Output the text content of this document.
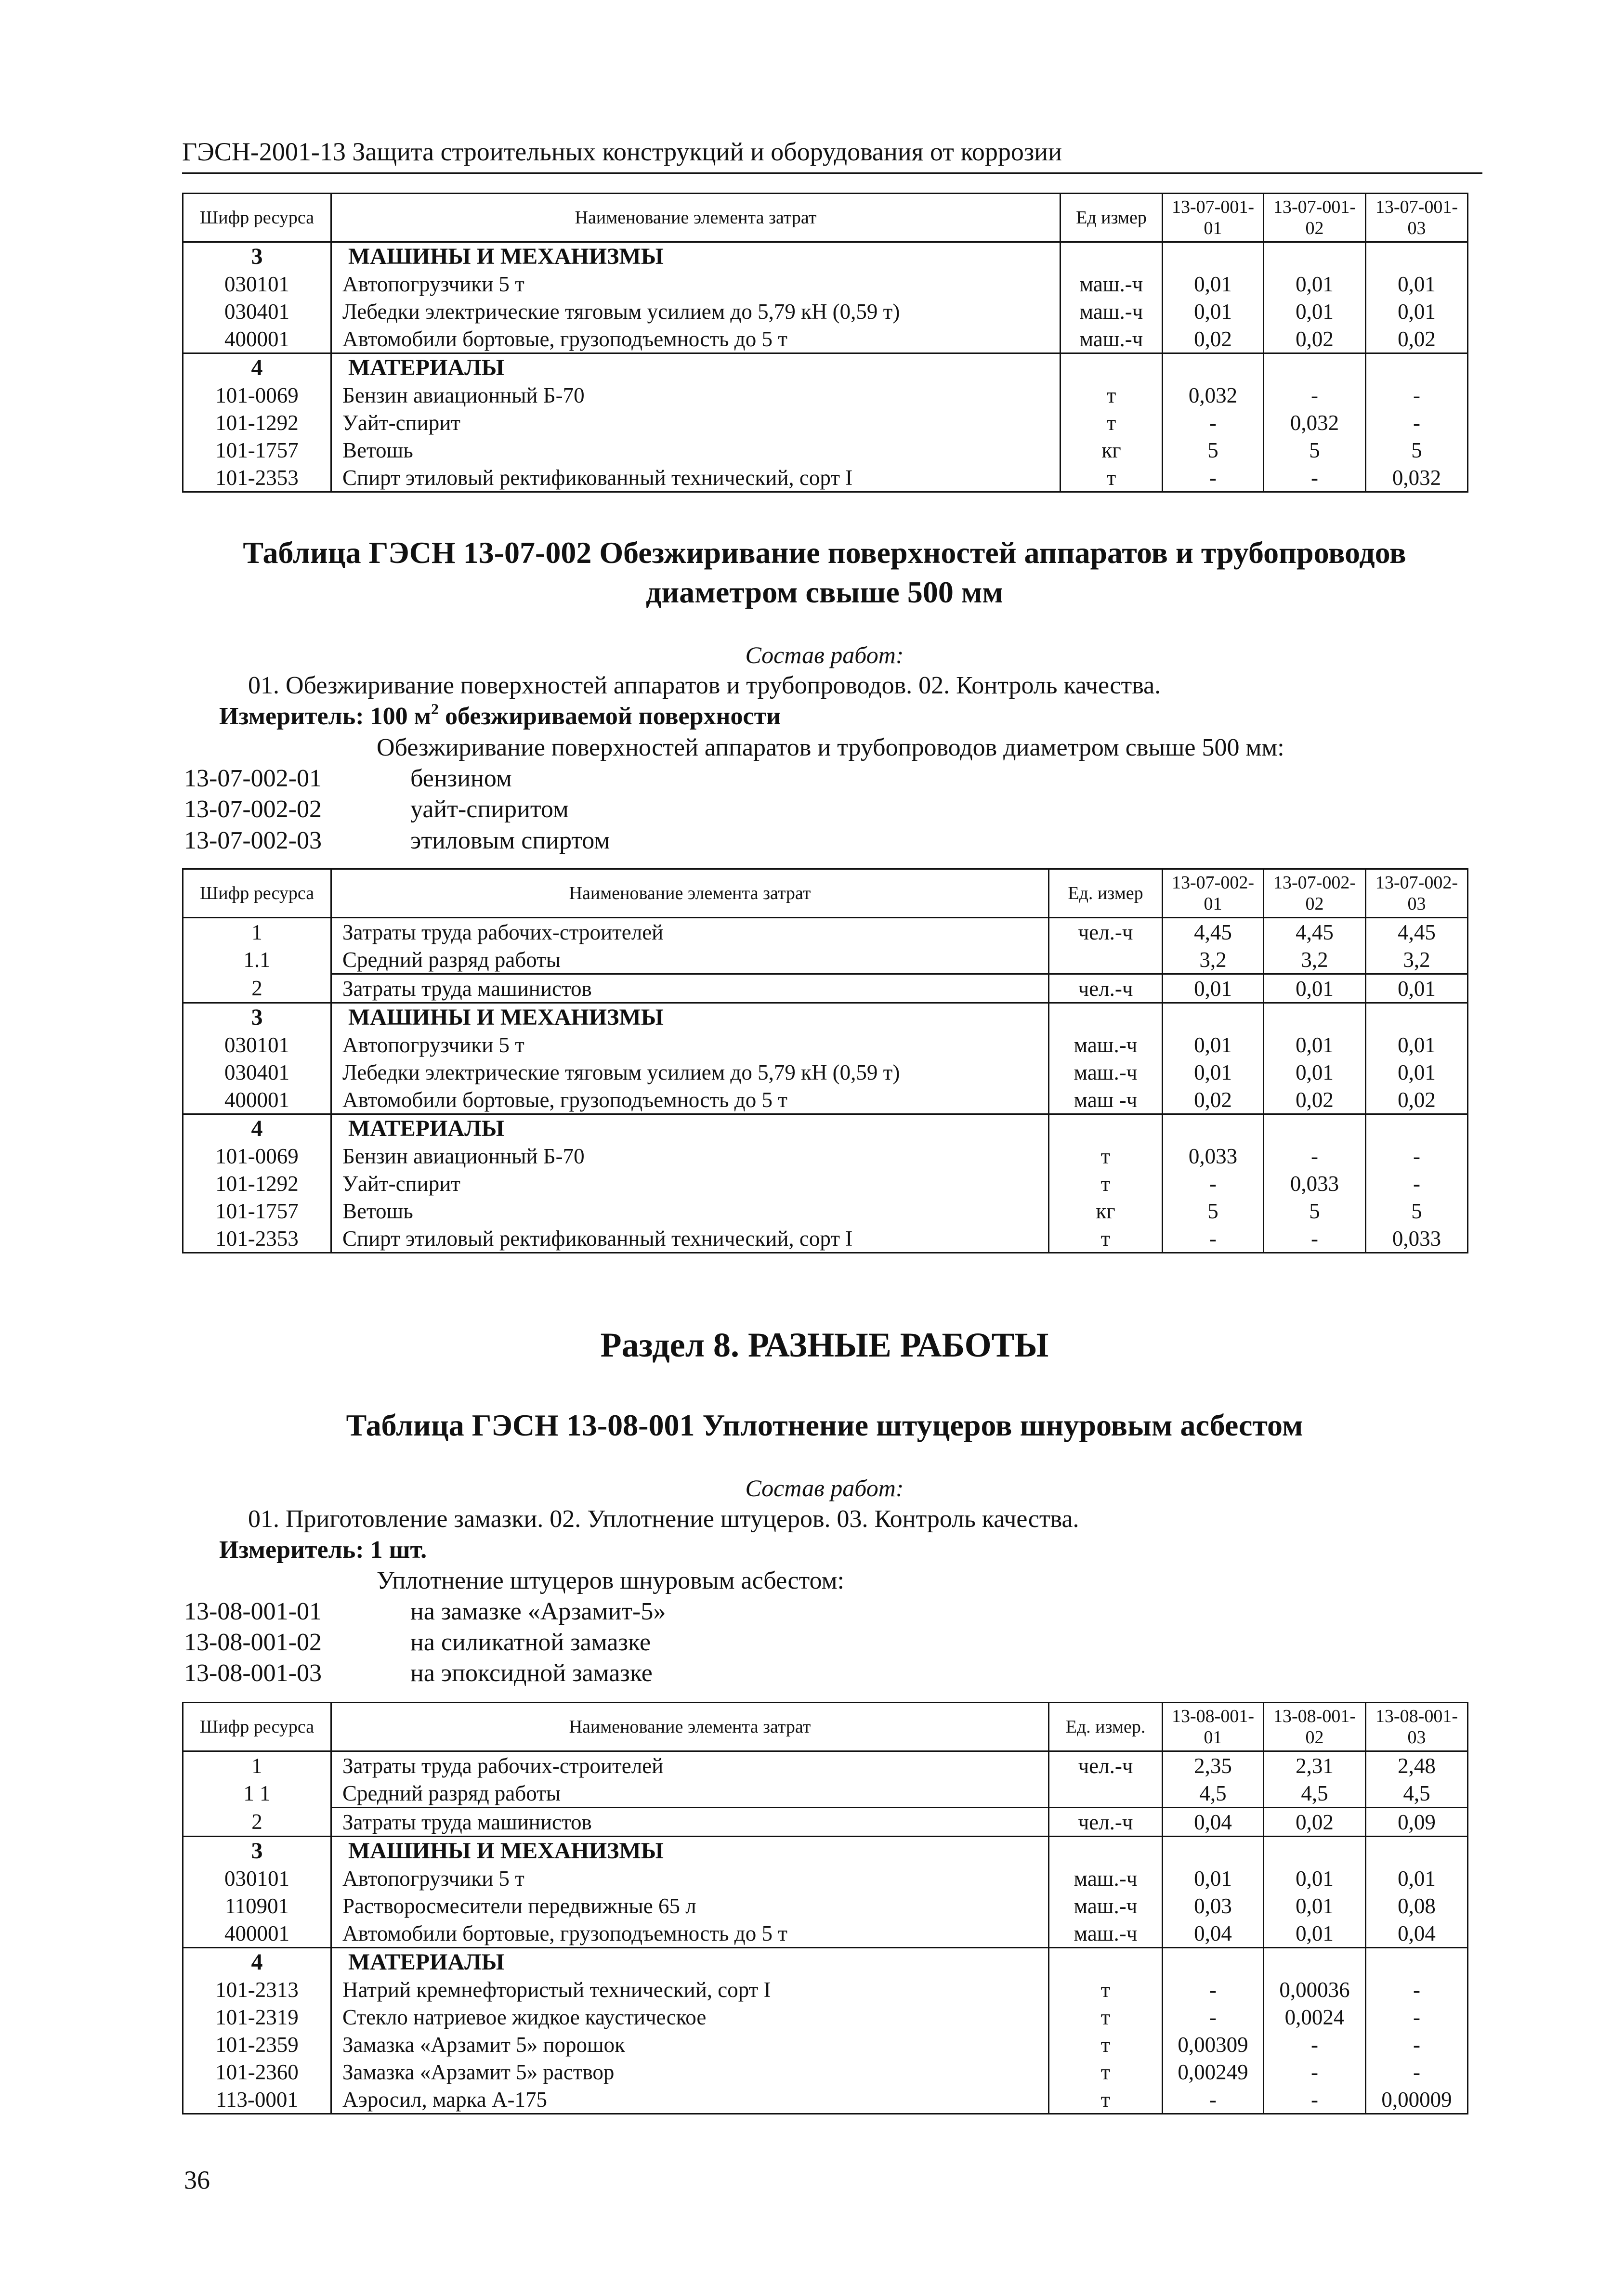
ГЭСН-2001-13 Защита строительных конструкций и оборудования от коррозии
Шифр ресурса	Наименование элемента затрат	Ед измер	13-07-001-01	13-07-001-02	13-07-001-03
3	МАШИНЫ И МЕХАНИЗМЫ				
030101	Автопогрузчики 5 т	маш.-ч	0,01	0,01	0,01
030401	Лебедки электрические тяговым усилием до 5,79 кН (0,59 т)	маш.-ч	0,01	0,01	0,01
400001	Автомобили бортовые, грузоподъемность до 5 т	маш.-ч	0,02	0,02	0,02
4	МАТЕРИАЛЫ				
101-0069	Бензин авиационный Б-70	т	0,032	-	-
101-1292	Уайт-спирит	т	-	0,032	-
101-1757	Ветошь	кг	5	5	5
101-2353	Спирт этиловый ректификованный технический, сорт I	т	-	-	0,032
Таблица ГЭСН 13-07-002 Обезжиривание поверхностей аппаратов и трубопроводов
диаметром свыше 500 мм
Состав работ:
01. Обезжиривание поверхностей аппаратов и трубопроводов. 02. Контроль качества.
Измеритель: 100 $м^2$ обезжириваемой поверхности
Обезжиривание поверхностей аппаратов и трубопроводов диаметром свыше 500 мм:
13-07-002-01	бензином
13-07-002-02	уайт-спиритом
13-07-002-03	этиловым спиртом
Шифр ресурса	Наименование элемента затрат	Ед. измер	13-07-002-01	13-07-002-02	13-07-002-03
1	Затраты труда рабочих-строителей	чел.-ч	4,45	4,45	4,45
1.1	Средний разряд работы		3,2	3,2	3,2
2	Затраты труда машинистов	чел.-ч	0,01	0,01	0,01
3	МАШИНЫ И МЕХАНИЗМЫ				
030101	Автопогрузчики 5 т	маш.-ч	0,01	0,01	0,01
030401	Лебедки электрические тяговым усилием до 5,79 кН (0,59 т)	маш.-ч	0,01	0,01	0,01
400001	Автомобили бортовые, грузоподъемность до 5 т	маш -ч	0,02	0,02	0,02
4	МАТЕРИАЛЫ				
101-0069	Бензин авиационный Б-70	т	0,033	-	-
101-1292	Уайт-спирит	т	-	0,033	-
101-1757	Ветошь	кг	5	5	5
101-2353	Спирт этиловый ректификованный технический, сорт I	т	-	-	0,033
Раздел 8. РАЗНЫЕ РАБОТЫ
Таблица ГЭСН 13-08-001 Уплотнение штуцеров шнуровым асбестом
Состав работ:
01. Приготовление замазки. 02. Уплотнение штуцеров. 03. Контроль качества.
Измеритель: 1 шт.
Уплотнение штуцеров шнуровым асбестом:
13-08-001-01	на замазке «Арзамит-5»
13-08-001-02	на силикатной замазке
13-08-001-03	на эпоксидной замазке
Шифр ресурса	Наименование элемента затрат	Ед. измер.	13-08-001-01	13-08-001-02	13-08-001-03
1	Затраты труда рабочих-строителей	чел.-ч	2,35	2,31	2,48
1 1	Средний разряд работы		4,5	4,5	4,5
2	Затраты труда машинистов	чел.-ч	0,04	0,02	0,09
3	МАШИНЫ И МЕХАНИЗМЫ				
030101	Автопогрузчики 5 т	маш.-ч	0,01	0,01	0,01
110901	Растворосмесители передвижные 65 л	маш.-ч	0,03	0,01	0,08
400001	Автомобили бортовые, грузоподъемность до 5 т	маш.-ч	0,04	0,01	0,04
4	МАТЕРИАЛЫ				
101-2313	Натрий кремнефтористый технический, сорт I	т	-	0,00036	-
101-2319	Стекло натриевое жидкое каустическое	т	-	0,0024	-
101-2359	Замазка «Арзамит 5» порошок	т	0,00309	-	-
101-2360	Замазка «Арзамит 5» раствор	т	0,00249	-	-
113-0001	Аэросил, марка А-175	т	-	-	0,00009
36
